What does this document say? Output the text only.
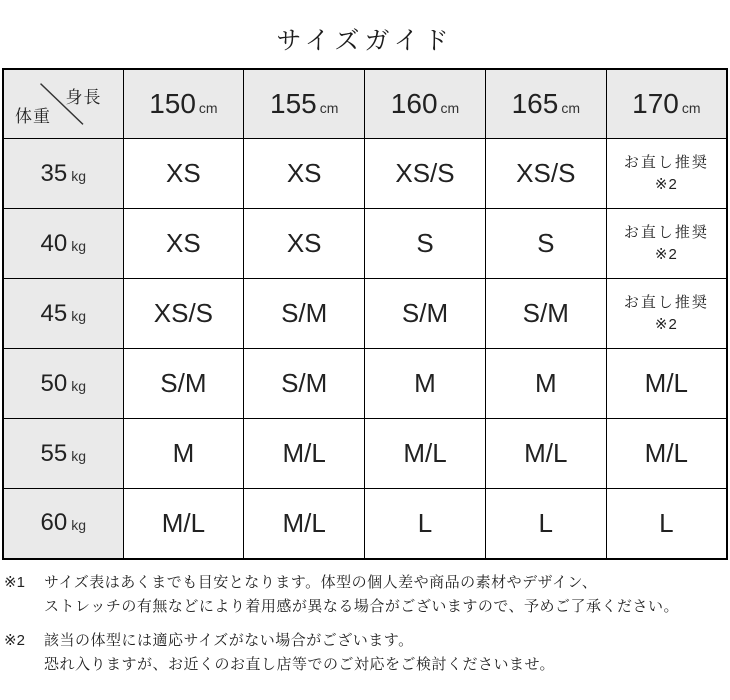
サイズガイド
身長
体重	150 cm	155 cm	160 cm	165 cm	170 cm
35 kg	XS	XS	XS/S	XS/S	お直し推奨
※2

40 kg	XS	XS	S	S	お直し推奨
※2

45 kg	XS/S	S/M	S/M	S/M	お直し推奨
※2

50 kg	S/M	S/M	M	M	M/L
55 kg	M	M/L	M/L	M/L	M/L
60 kg	M/L	M/L	L	L	L
※1	サイズ表はあくまでも目安となります。体型の個人差や商品の素材やデザイン、
ストレッチの有無などにより着用感が異なる場合がございますので、予めご了承ください。
※2	該当の体型には適応サイズがない場合がございます。
恐れ入りますが、お近くのお直し店等でのご対応をご検討くださいませ。
